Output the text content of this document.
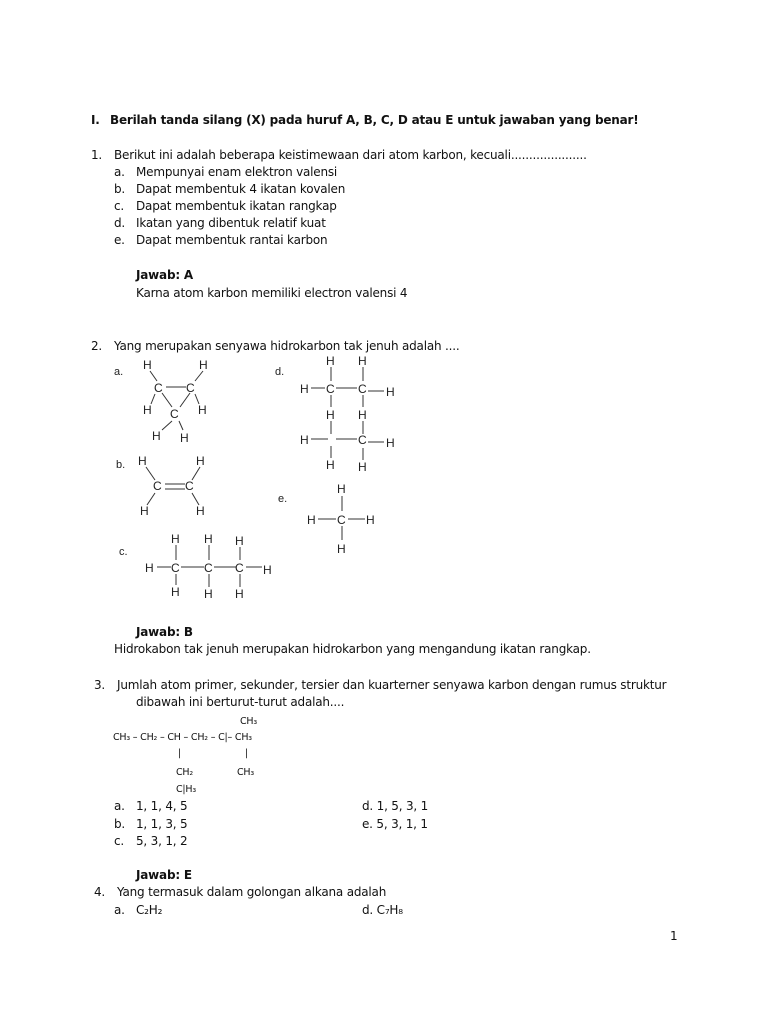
I. Berilah tanda silang (X) pada huruf A, B, C, D atau E untuk jawaban yang benar!
1. Berikut ini adalah beberapa keistimewaan dari atom karbon, kecuali.....................
a. Mempunyai enam elektron valensi
b. Dapat membentuk 4 ikatan kovalen
c. Dapat membentuk ikatan rangkap
d. Ikatan yang dibentuk relatif kuat
e. Dapat membentuk rantai karbon
Jawab: A
Karna atom karbon memiliki electron valensi 4
2. Yang merupakan senyawa hidrokarbon tak jenuh adalah ....
a.
b.
c.
d.
e.
H	H
C C
H	H
C
H H
H	H
C C
H	H
H H H
H C C C H
H H H
H H
H C C H
H H
H	C H
H H
H
H C H
H
Jawab: B
Hidrokabon tak jenuh merupakan hidrokarbon yang mengandung ikatan rangkap.
3. Jumlah atom primer, sekunder, tersier dan kuarterner senyawa karbon dengan rumus struktur
dibawah ini berturut-turut adalah....
CH₃
CH₃ – CH₂ – CH – CH₂ – C|– CH₃
|	|
CH₂	CH₃
C|H₃
a. 1, 1, 4, 5
b. 1, 1, 3, 5
c. 5, 3, 1, 2
d. 1, 5, 3, 1
e. 5, 3, 1, 1
Jawab: E
4. Yang termasuk dalam golongan alkana adalah
a. C₂H₂	d. C₇H₈
1
